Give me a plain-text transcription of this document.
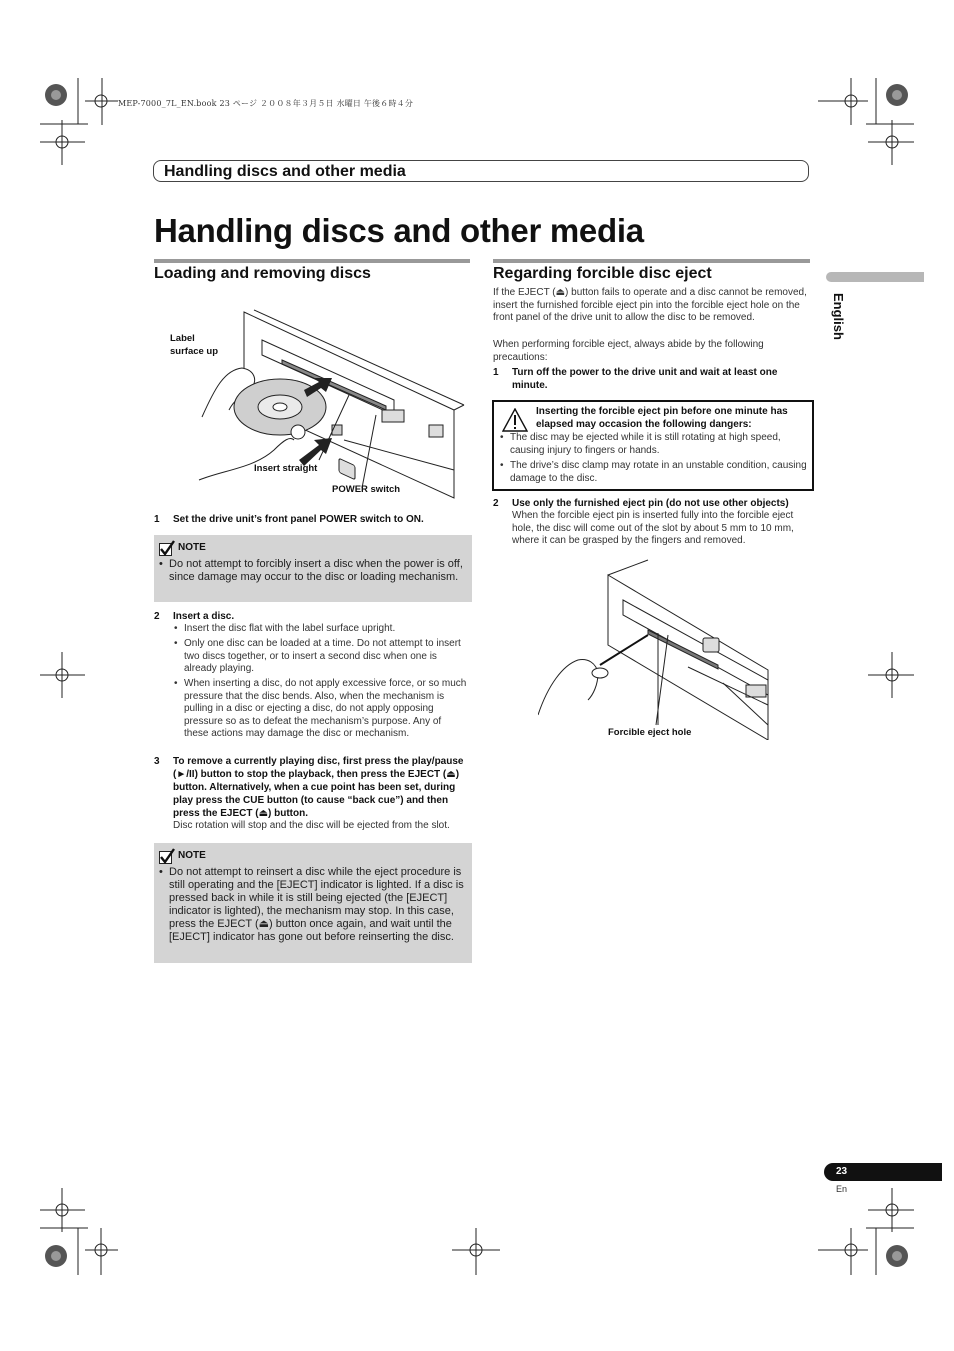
MEP-7000_7L_EN.book 23 ページ ２００８年３月５日 水曜日 午後６時４分
Handling discs and other media
Handling discs and other media
English
Loading and removing discs
Label
surface up
Insert straight
POWER switch
1 Set the drive unit’s front panel POWER switch to ON.
NOTE
• Do not attempt to forcibly insert a disc when the power is off, since damage may occur to the disc or loading mechanism.
2 Insert a disc.
• Insert the disc flat with the label surface upright.
• Only one disc can be loaded at a time. Do not attempt to insert two discs together, or to insert a second disc when one is already playing.
• When inserting a disc, do not apply excessive force, or so much pressure that the disc bends. Also, when the mechanism is pulling in a disc or ejecting a disc, do not apply opposing pressure so as to defeat the mechanism’s purpose. Any of these actions may damage the disc or mechanism.
3 To remove a currently playing disc, first press the play/pause (►/II) button to stop the playback, then press the EJECT (⏏) button. Alternatively, when a cue point has been set, during play press the CUE button (to cause “back cue”) and then press the EJECT (⏏) button.
Disc rotation will stop and the disc will be ejected from the slot.
NOTE
• Do not attempt to reinsert a disc while the eject procedure is still operating and the [EJECT] indicator is lighted. If a disc is pressed back in while it is still being ejected (the [EJECT] indicator is lighted), the mechanism may stop. In this case, press the EJECT (⏏) button once again, and wait until the [EJECT] indicator has gone out before reinserting the disc.
Regarding forcible disc eject
If the EJECT (⏏) button fails to operate and a disc cannot be removed, insert the furnished forcible eject pin into the forcible eject hole on the front panel of the drive unit to allow the disc to be removed.
When performing forcible eject, always abide by the following precautions:
1 Turn off the power to the drive unit and wait at least one minute.
Inserting the forcible eject pin before one minute has elapsed may occasion the following dangers:
• The disc may be ejected while it is still rotating at high speed, causing injury to fingers or hands.
• The drive’s disc clamp may rotate in an unstable condition, causing damage to the disc.
2 Use only the furnished eject pin (do not use other objects)
When the forcible eject pin is inserted fully into the forcible eject hole, the disc will come out of the slot by about 5 mm to 10 mm, where it can be grasped by the fingers and removed.
Forcible eject hole
23
En
